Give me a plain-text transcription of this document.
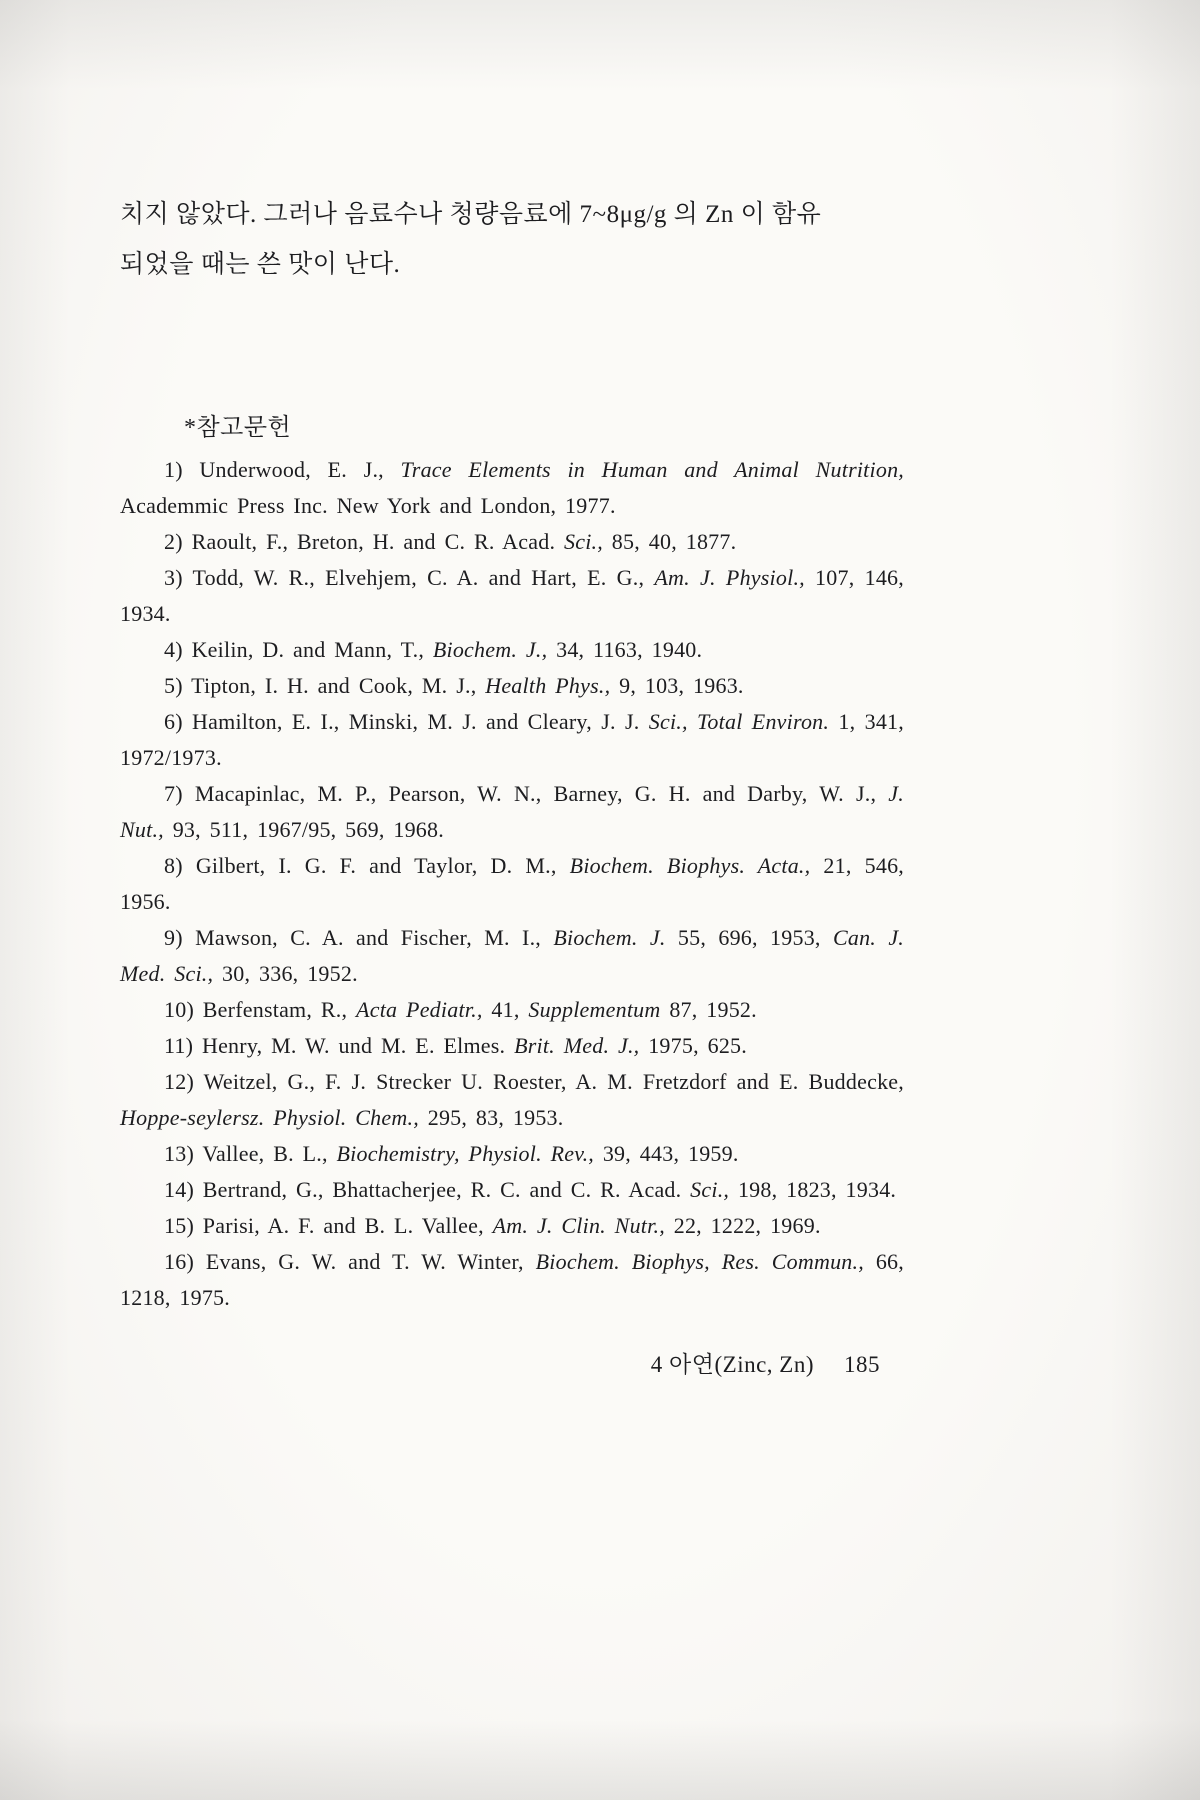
치지 않았다. 그러나 음료수나 청량음료에 7~8μg/g 의 Zn 이 함유
되었을 때는 쓴 맛이 난다.

*참고문헌

1) Underwood, E. J., Trace Elements in Human and Animal Nutrition, Academmic Press Inc. New York and London, 1977.

2) Raoult, F., Breton, H. and C. R. Acad. Sci., 85, 40, 1877.

3) Todd, W. R., Elvehjem, C. A. and Hart, E. G., Am. J. Physiol., 107, 146, 1934.

4) Keilin, D. and Mann, T., Biochem. J., 34, 1163, 1940.

5) Tipton, I. H. and Cook, M. J., Health Phys., 9, 103, 1963.

6) Hamilton, E. I., Minski, M. J. and Cleary, J. J. Sci., Total Environ. 1, 341, 1972/1973.

7) Macapinlac, M. P., Pearson, W. N., Barney, G. H. and Darby, W. J., J. Nut., 93, 511, 1967/95, 569, 1968.

8) Gilbert, I. G. F. and Taylor, D. M., Biochem. Biophys. Acta., 21, 546, 1956.

9) Mawson, C. A. and Fischer, M. I., Biochem. J. 55, 696, 1953, Can. J. Med. Sci., 30, 336, 1952.

10) Berfenstam, R., Acta Pediatr., 41, Supplementum 87, 1952.

11) Henry, M. W. und M. E. Elmes. Brit. Med. J., 1975, 625.

12) Weitzel, G., F. J. Strecker U. Roester, A. M. Fretzdorf and E. Buddecke, Hoppe-seylersz. Physiol. Chem., 295, 83, 1953.

13) Vallee, B. L., Biochemistry, Physiol. Rev., 39, 443, 1959.

14) Bertrand, G., Bhattacherjee, R. C. and C. R. Acad. Sci., 198, 1823, 1934.

15) Parisi, A. F. and B. L. Vallee, Am. J. Clin. Nutr., 22, 1222, 1969.

16) Evans, G. W. and T. W. Winter, Biochem. Biophys, Res. Commun., 66, 1218, 1975.

4 아연(Zinc, Zn) 185
